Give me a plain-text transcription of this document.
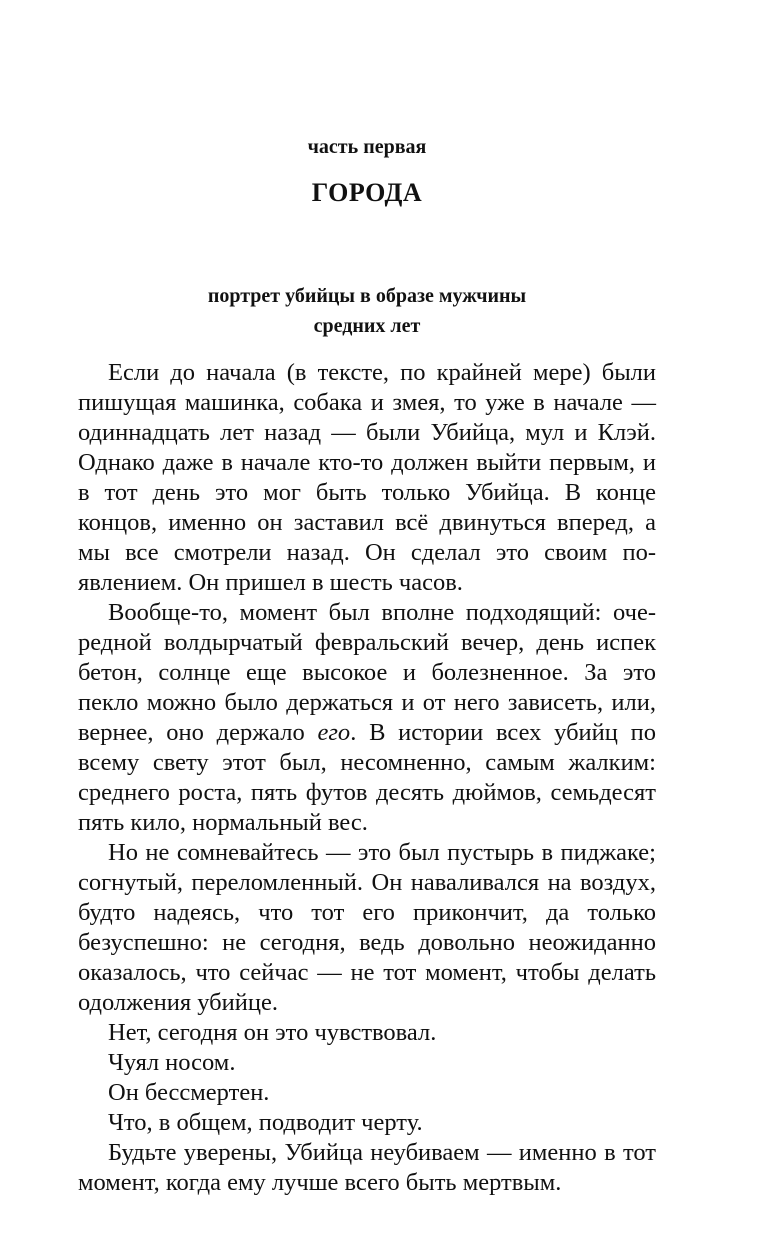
часть первая
ГОРОДА
портрет убийцы в образе мужчины
средних лет

Если до начала (в тексте, по крайней мере) были пишущая машинка, собака и змея, то уже в начале — одиннадцать лет назад — были Убийца, мул и Клэй. Однако даже в начале кто-то должен выйти первым, и в тот день это мог быть только Убийца. В конце концов, именно он заставил всё двинуться вперед, а мы все смотрели назад. Он сделал это своим появлением. Он пришел в шесть часов.

Вообще-то, момент был вполне подходящий: очередной волдырчатый февральский вечер, день испек бетон, солнце еще высокое и болезненное. За это пекло можно было держаться и от него зависеть, или, вернее, оно держало его. В истории всех убийц по всему свету этот был, несомненно, самым жалким: среднего роста, пять футов десять дюймов, семьдесят пять кило, нормальный вес.

Но не сомневайтесь — это был пустырь в пиджаке; согнутый, переломленный. Он наваливался на воздух, будто надеясь, что тот его прикончит, да только безуспешно: не сегодня, ведь довольно неожиданно оказалось, что сейчас — не тот момент, чтобы делать одолжения убийце.

Нет, сегодня он это чувствовал.

Чуял носом.

Он бессмертен.

Что, в общем, подводит черту.

Будьте уверены, Убийца неубиваем — именно в тот момент, когда ему лучше всего быть мертвым.
